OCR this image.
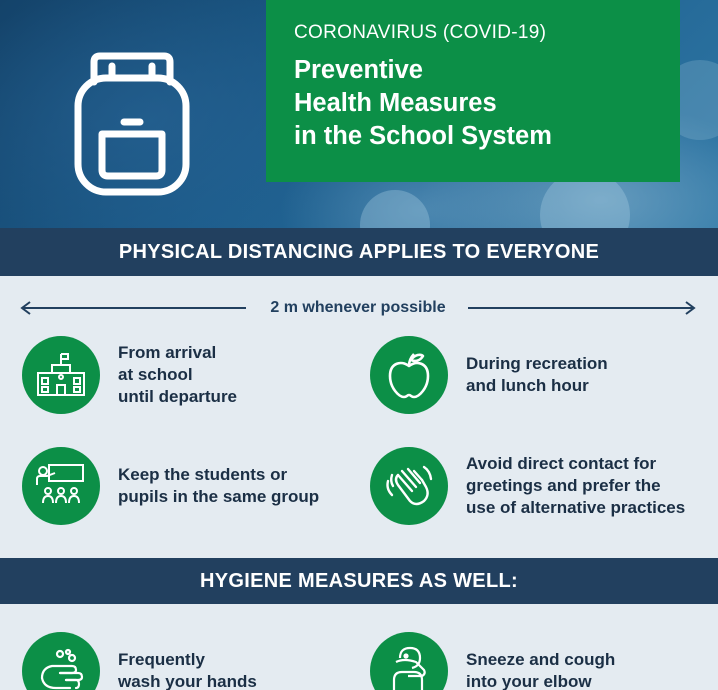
CORONAVIRUS (COVID-19)
Preventive
Health Measures
in the School System
PHYSICAL DISTANCING APPLIES TO EVERYONE
2 m whenever possible
From arrival
at school
until departure
During recreation
and lunch hour
Keep the students or
pupils in the same group
Avoid direct contact for
greetings and prefer the
use of alternative practices
HYGIENE MEASURES AS WELL:
Frequently
wash your hands
Sneeze and cough
into your elbow
